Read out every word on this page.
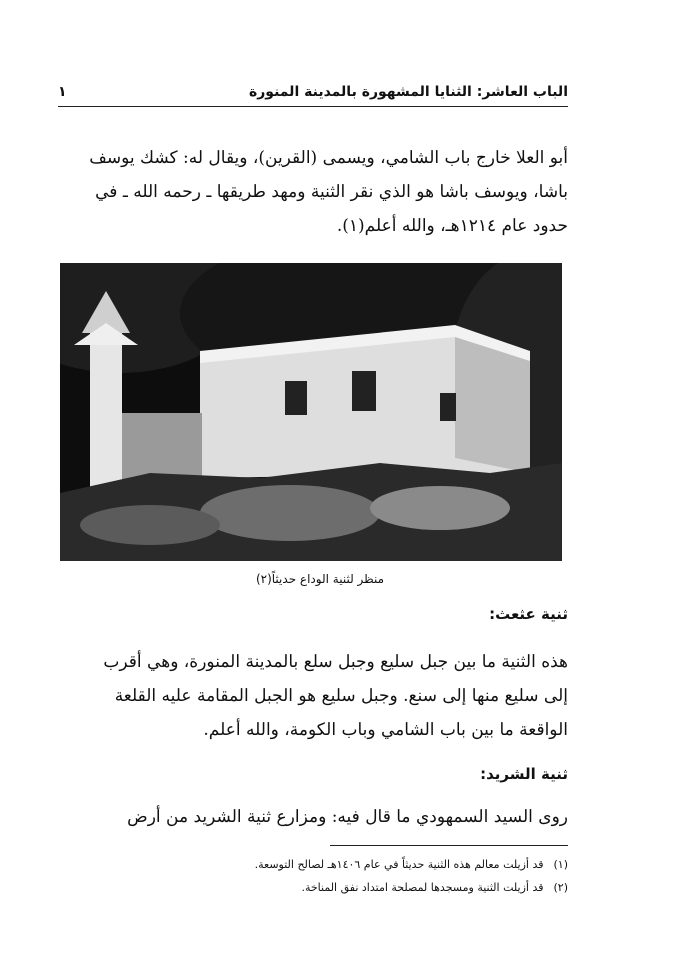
الباب العاشر: الثنايا المشهورة بالمدينة المنورة
١
أبو العلا خارج باب الشامي، ويسمى (القرين)، ويقال له: كشك يوسف
باشا، ويوسف باشا هو الذي نقر الثنية ومهد طريقها ـ رحمه الله ـ في
حدود عام ١٢١٤هـ، والله أعلم(١).
منظر لثنية الوداع حديثاً(٢)
ثنية عثعث:
هذه الثنية ما بين جبل سليع وجبل سلع بالمدينة المنورة، وهي أقرب
إلى سليع منها إلى سنع. وجبل سليع هو الجبل المقامة عليه القلعة
الواقعة ما بين باب الشامي وباب الكومة، والله أعلم.
ثنية الشريد:
روى السيد السمهودي ما قال فيه: ومزارع ثنية الشريد من أرض
(١)قد أزيلت معالم هذه الثنية حديثاً في عام ١٤٠٦هـ لصالح التوسعة.
(٢)قد أزيلت الثنية ومسجدها لمصلحة امتداد نفق المناخة.
